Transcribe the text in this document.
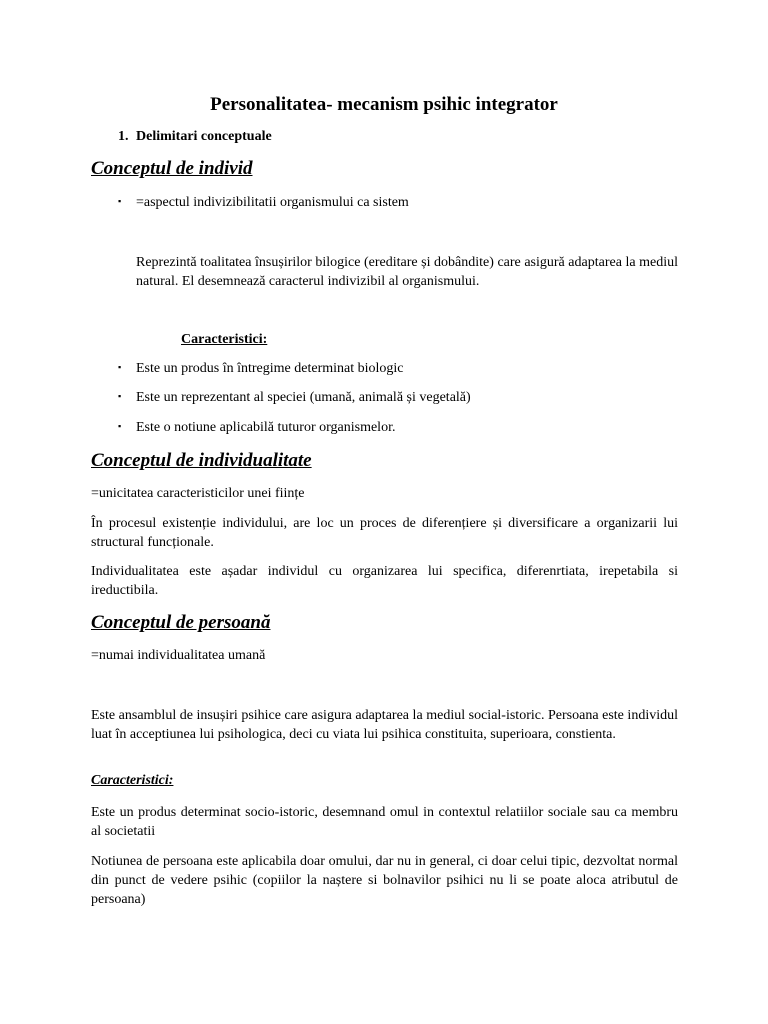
Personalitatea- mecanism psihic integrator
1. Delimitari conceptuale
Conceptul de individ
▪ =aspectul indivizibilitatii organismului ca sistem
Reprezintă toalitatea însușirilor bilogice (ereditare și dobândite) care asigură adaptarea la mediul natural. El desemnează caracterul indivizibil al organismului.
Caracteristici:
▪ Este un produs în întregime determinat biologic
▪ Este un reprezentant al speciei (umană, animală și vegetală)
▪ Este o notiune aplicabilă tuturor organismelor.
Conceptul de individualitate
=unicitatea caracteristicilor unei ființe
În procesul existenție individului, are loc un proces de diferențiere și diversificare a organizarii lui structural funcționale.
Individualitatea este așadar individul cu organizarea lui specifica, diferenrtiata, irepetabila si ireductibila.
Conceptul de persoană
=numai individualitatea umană
Este ansamblul de insușiri psihice care asigura adaptarea la mediul social-istoric. Persoana este individul luat în acceptiunea lui psihologica, deci cu viata lui psihica constituita, superioara, constienta.
Caracteristici:
Este un produs determinat socio-istoric, desemnand omul in contextul relatiilor sociale sau ca membru al societatii
Notiunea de persoana este aplicabila doar omului, dar nu in general, ci doar celui tipic, dezvoltat normal din punct de vedere psihic (copiilor la naștere si bolnavilor psihici nu li se poate aloca atributul de persoana)
